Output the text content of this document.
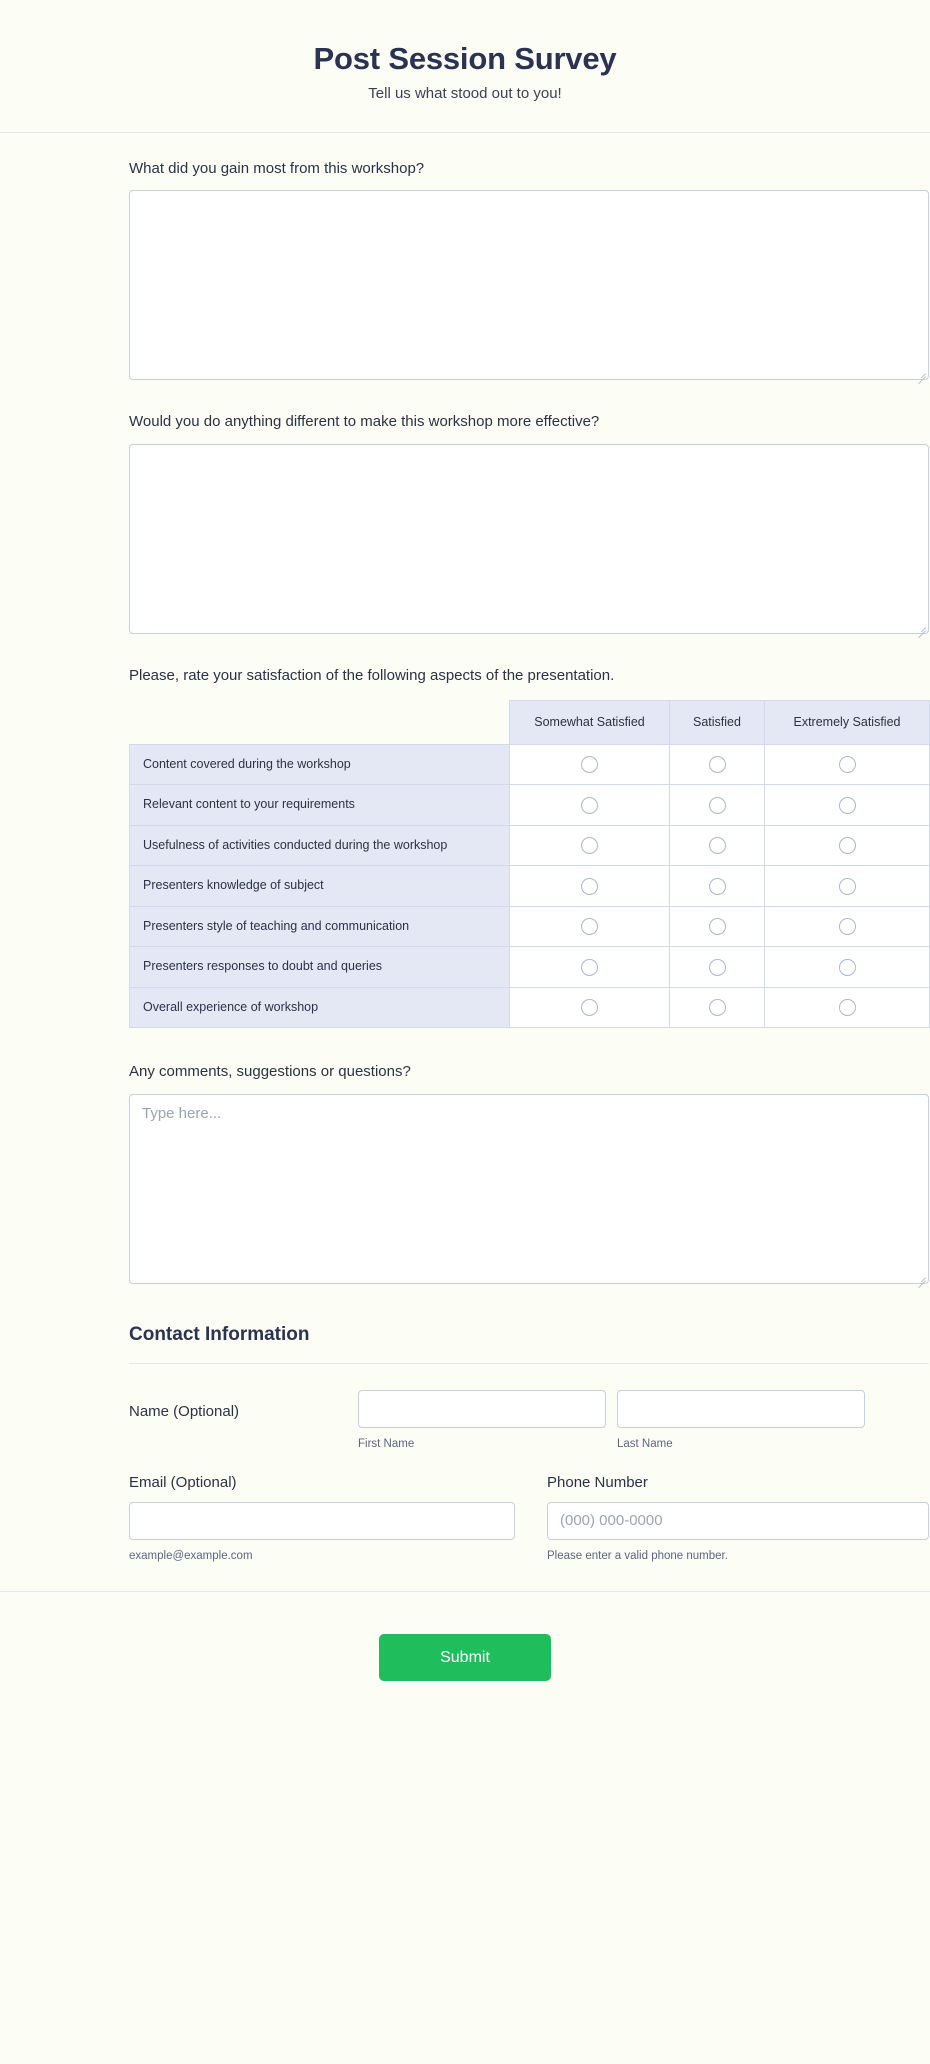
Post Session Survey

Tell us what stood out to you!

What did you gain most from this workshop?
Would you do anything different to make this workshop more effective?
Please, rate your satisfaction of the following aspects of the presentation.
	Somewhat Satisfied	Satisfied	Extremely Satisfied
Content covered during the workshop			
Relevant content to your requirements			
Usefulness of activities conducted during the workshop			
Presenters knowledge of subject			
Presenters style of teaching and communication			
Presenters responses to doubt and queries			
Overall experience of workshop			
Any comments, suggestions or questions?
Type here...
Contact Information
Name (Optional)
First Name	Last Name
Email (Optional)
example@example.com
Phone Number
(000) 000-0000
Please enter a valid phone number.
Submit
